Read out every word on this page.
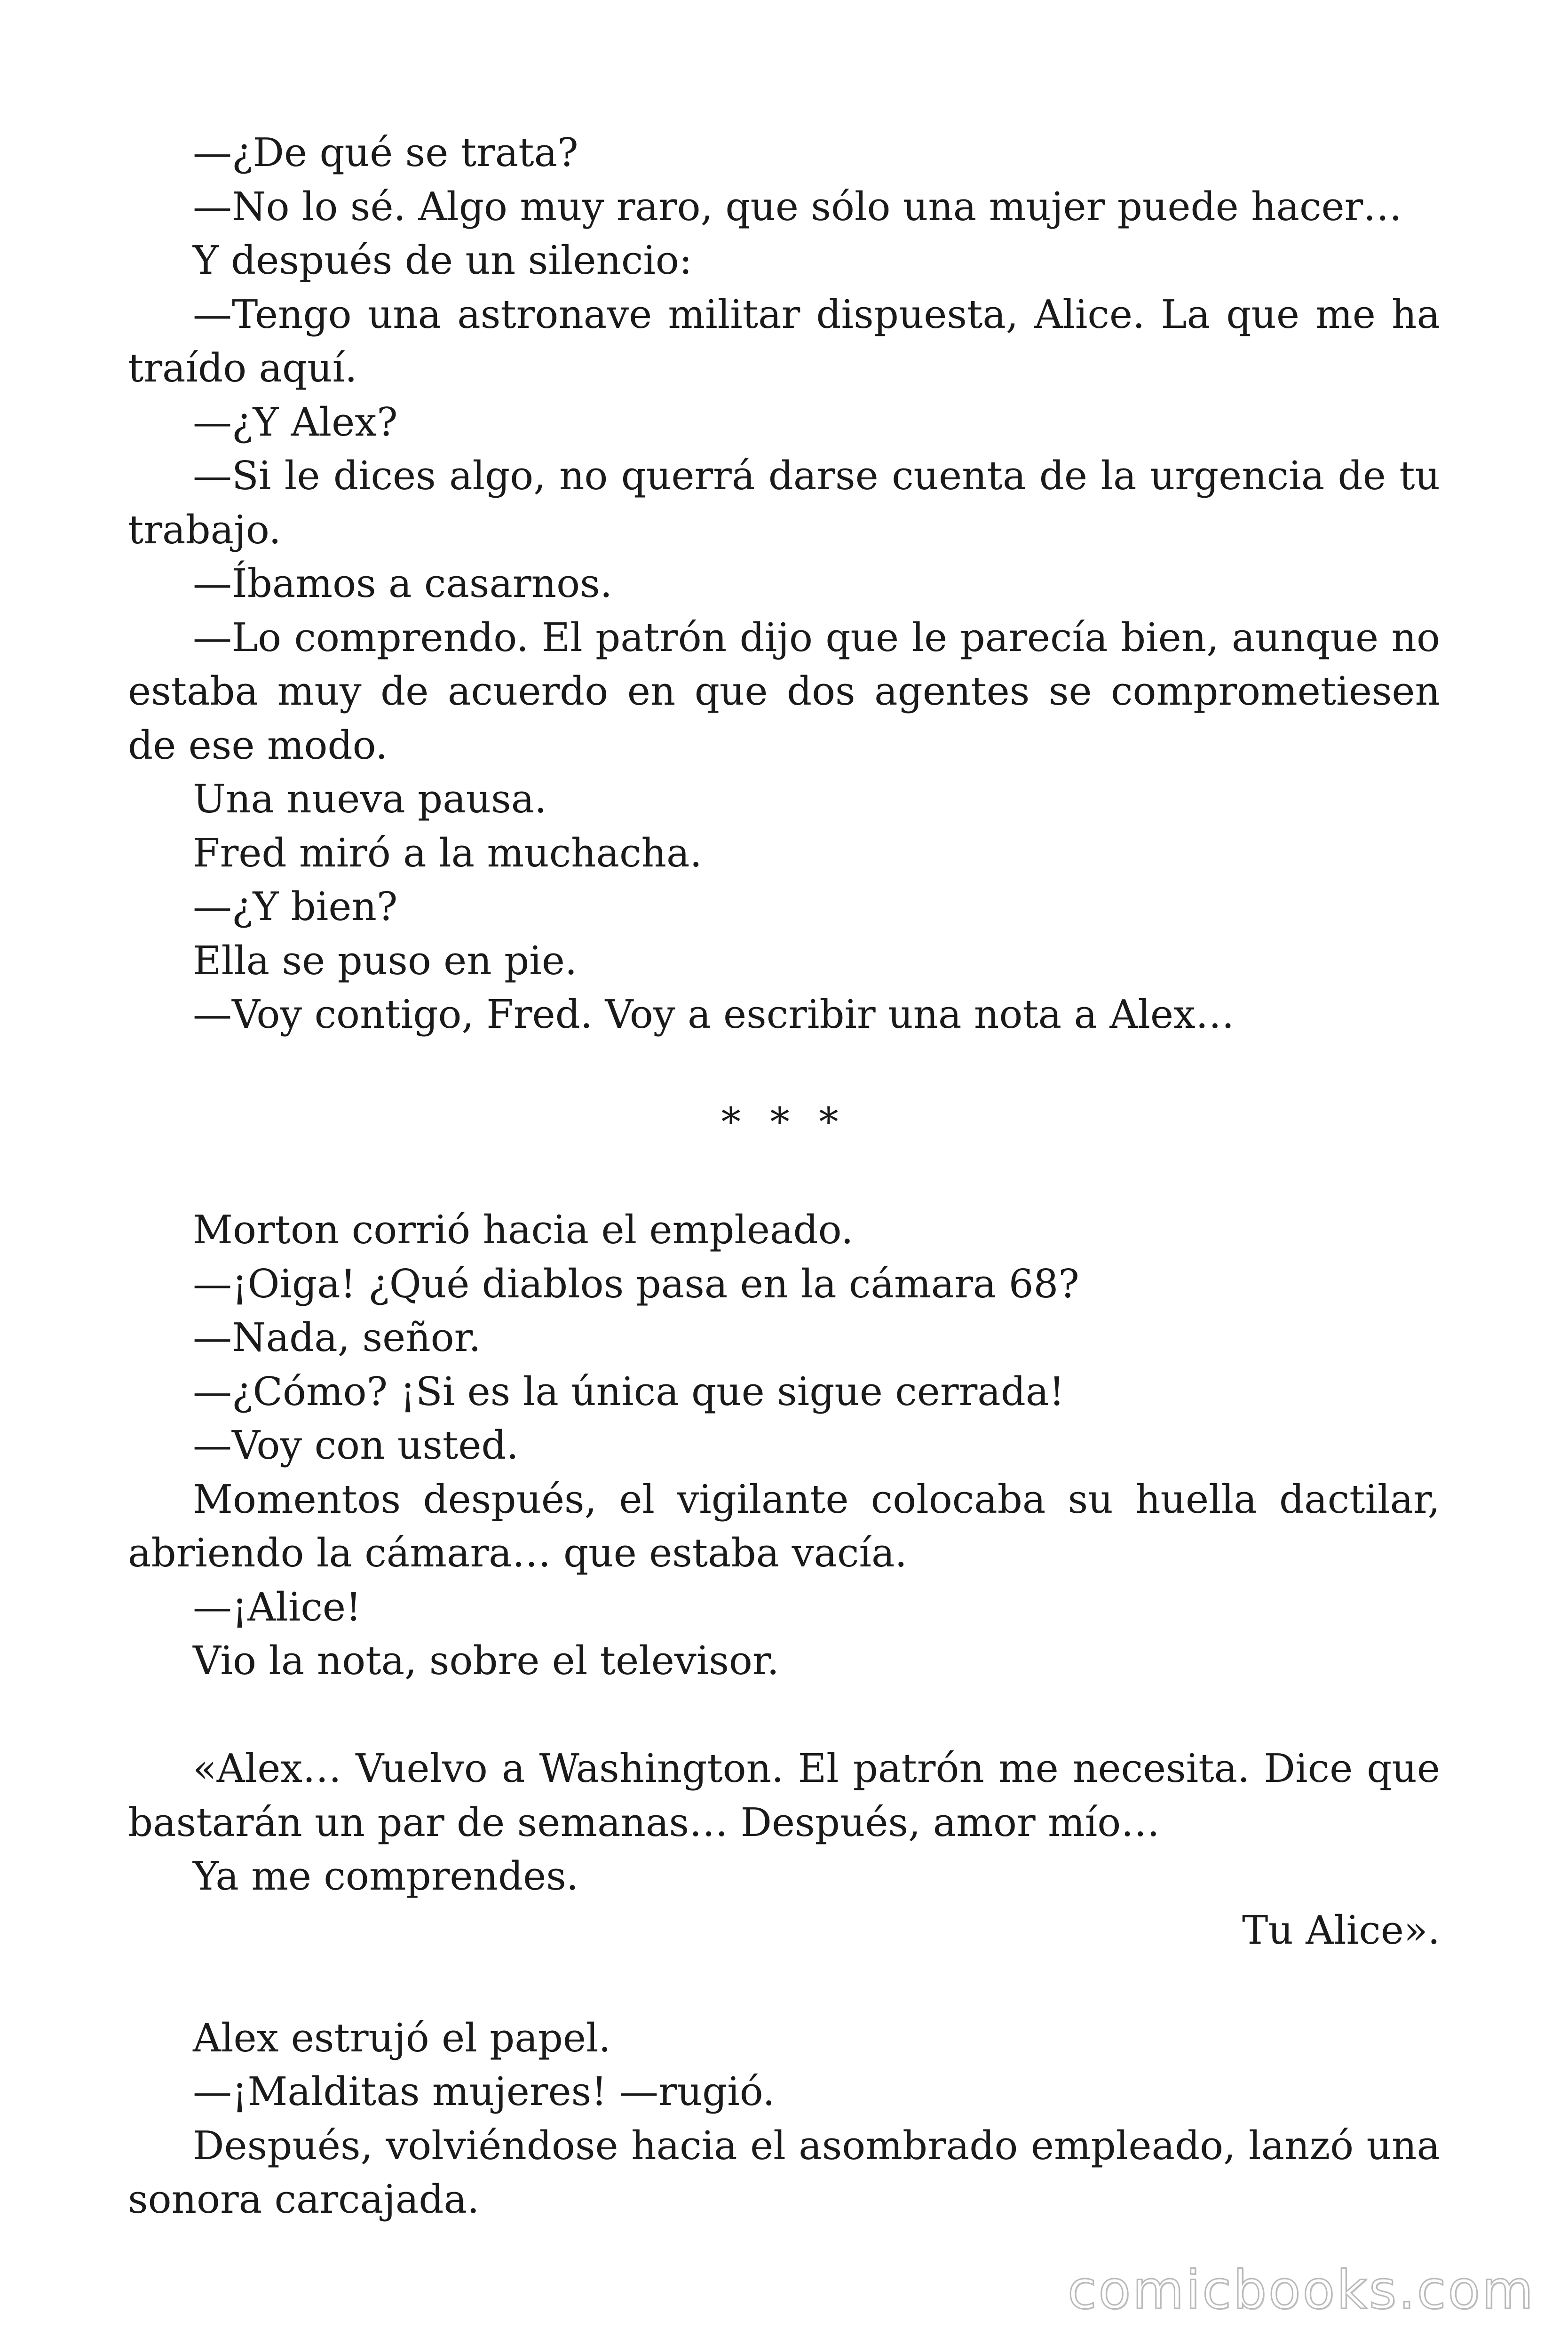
—¿De qué se trata?

—No lo sé. Algo muy raro, que sólo una mujer puede hacer…

Y después de un silencio:

—Tengo una astronave militar dispuesta, Alice. La que me ha traído aquí.

—¿Y Alex?

—Si le dices algo, no querrá darse cuenta de la urgencia de tu trabajo.

—Íbamos a casarnos.

—Lo comprendo. El patrón dijo que le parecía bien, aunque no estaba muy de acuerdo en que dos agentes se comprometiesen de ese modo.

Una nueva pausa.

Fred miró a la muchacha.

—¿Y bien?

Ella se puso en pie.

—Voy contigo, Fred. Voy a escribir una nota a Alex…

* * *

Morton corrió hacia el empleado.

—¡Oiga! ¿Qué diablos pasa en la cámara 68?

—Nada, señor.

—¿Cómo? ¡Si es la única que sigue cerrada!

—Voy con usted.

Momentos después, el vigilante colocaba su huella dactilar, abriendo la cámara… que estaba vacía.

—¡Alice!

Vio la nota, sobre el televisor.

«Alex… Vuelvo a Washington. El patrón me necesita. Dice que bastarán un par de semanas… Después, amor mío…

Ya me comprendes.

Tu Alice».

Alex estrujó el papel.

—¡Malditas mujeres! —rugió.

Después, volviéndose hacia el asombrado empleado, lanzó una sonora carcajada.

comicbooks.com
